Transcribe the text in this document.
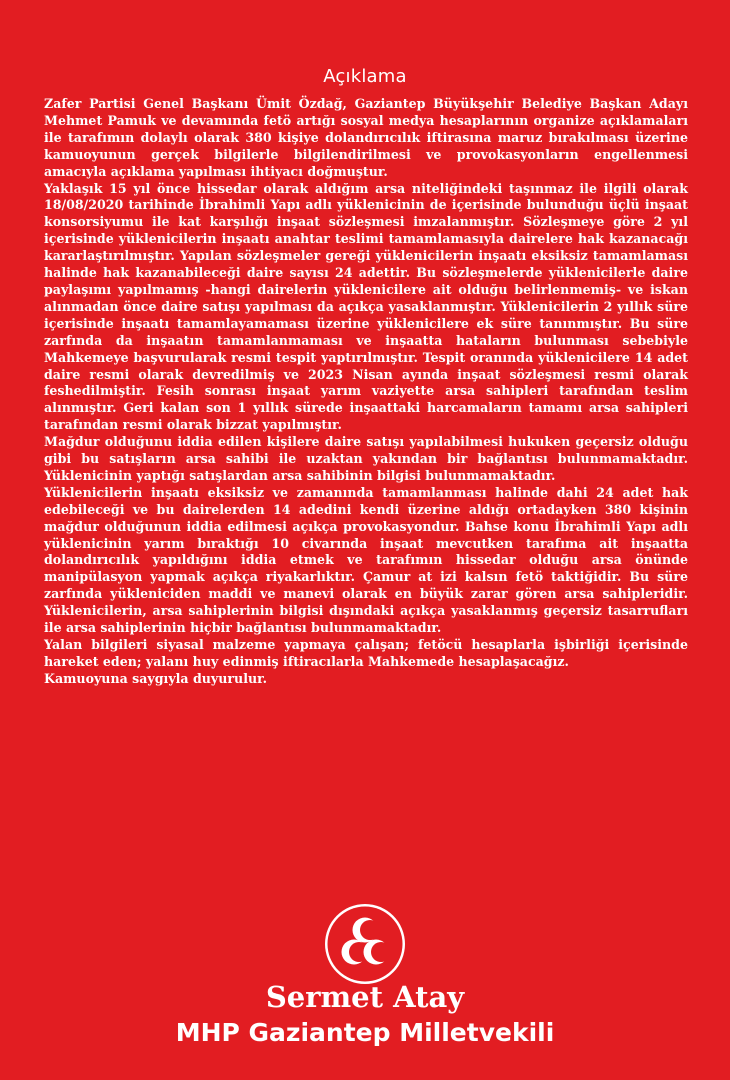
Açıklama

Zafer Partisi Genel Başkanı Ümit Özdağ, Gaziantep Büyükşehir Belediye Başkan Adayı Mehmet Pamuk ve devamında fetö artığı sosyal medya hesaplarının organize açıklamaları ile tarafımın dolaylı olarak 380 kişiye dolandırıcılık iftirasına maruz bırakılması üzerine kamuoyunun gerçek bilgilerle bilgilendirilmesi ve provokasyonların engellenmesi amacıyla açıklama yapılması ihtiyacı doğmuştur.

Yaklaşık 15 yıl önce hissedar olarak aldığım arsa niteliğindeki taşınmaz ile ilgili olarak 18/08/2020 tarihinde İbrahimli Yapı adlı yüklenicinin de içerisinde bulunduğu üçlü inşaat konsorsiyumu ile kat karşılığı inşaat sözleşmesi imzalanmıştır. Sözleşmeye göre 2 yıl içerisinde yüklenicilerin inşaatı anahtar teslimi tamamlamasıyla dairelere hak kazanacağı kararlaştırılmıştır. Yapılan sözleşmeler gereği yüklenicilerin inşaatı eksiksiz tamamlaması halinde hak kazanabileceği daire sayısı 24 adettir. Bu sözleşmelerde yüklenicilerle daire paylaşımı yapılmamış -hangi dairelerin yüklenicilere ait olduğu belirlenmemiş- ve iskan alınmadan önce daire satışı yapılması da açıkça yasaklanmıştır. Yüklenicilerin 2 yıllık süre içerisinde inşaatı tamamlayamaması üzerine yüklenicilere ek süre tanınmıştır. Bu süre zarfında da inşaatın tamamlanmaması ve inşaatta hataların bulunması sebebiyle Mahkemeye başvurularak resmi tespit yaptırılmıştır. Tespit oranında yüklenicilere 14 adet daire resmi olarak devredilmiş ve 2023 Nisan ayında inşaat sözleşmesi resmi olarak feshedilmiştir. Fesih sonrası inşaat yarım vaziyette arsa sahipleri tarafından teslim alınmıştır. Geri kalan son 1 yıllık sürede inşaattaki harcamaların tamamı arsa sahipleri tarafından resmi olarak bizzat yapılmıştır.

Mağdur olduğunu iddia edilen kişilere daire satışı yapılabilmesi hukuken geçersiz olduğu gibi bu satışların arsa sahibi ile uzaktan yakından bir bağlantısı bulunmamaktadır. Yüklenicinin yaptığı satışlardan arsa sahibinin bilgisi bulunmamaktadır.

Yüklenicilerin inşaatı eksiksiz ve zamanında tamamlanması halinde dahi 24 adet hak edebileceği ve bu dairelerden 14 adedini kendi üzerine aldığı ortadayken 380 kişinin mağdur olduğunun iddia edilmesi açıkça provokasyondur. Bahse konu İbrahimli Yapı adlı yüklenicinin yarım bıraktığı 10 civarında inşaat mevcutken tarafıma ait inşaatta dolandırıcılık yapıldığını iddia etmek ve tarafımın hissedar olduğu arsa önünde manipülasyon yapmak açıkça riyakarlıktır. Çamur at izi kalsın fetö taktiğidir. Bu süre zarfında yükleniciden maddi ve manevi olarak en büyük zarar gören arsa sahipleridir. Yüklenicilerin, arsa sahiplerinin bilgisi dışındaki açıkça yasaklanmış geçersiz tasarrufları ile arsa sahiplerinin hiçbir bağlantısı bulunmamaktadır.

Yalan bilgileri siyasal malzeme yapmaya çalışan; fetöcü hesaplarla işbirliği içerisinde hareket eden; yalanı huy edinmiş iftiracılarla Mahkemede hesaplaşacağız.

Kamuoyuna saygıyla duyurulur.

Sermet Atay
MHP Gaziantep Milletvekili
